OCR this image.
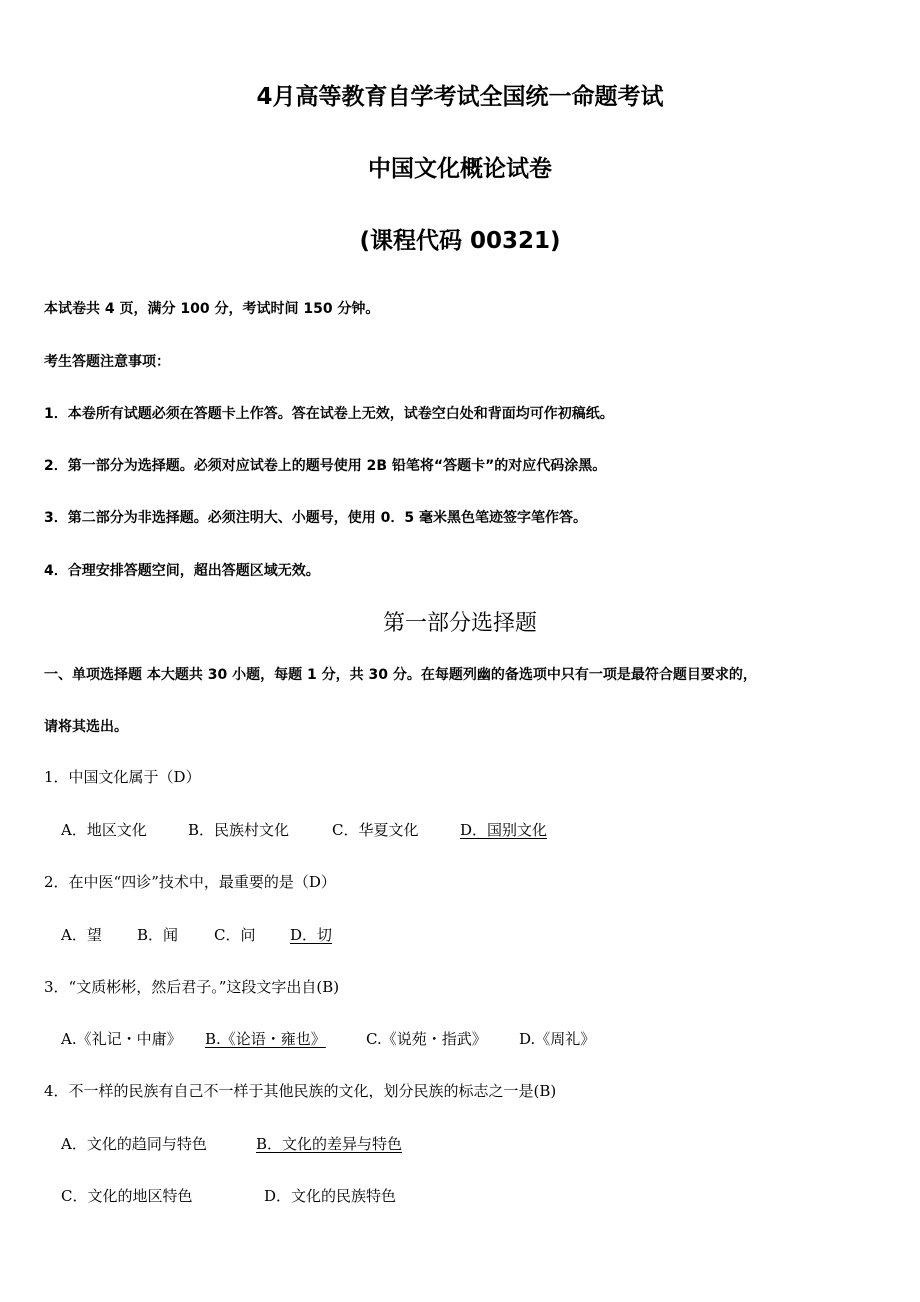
4月高等教育自学考试全国统一命题考试
中国文化概论试卷
(课程代码 00321)
本试卷共 4 页，满分 100 分，考试时间 150 分钟。
考生答题注意事项：
1．本卷所有试题必须在答题卡上作答。答在试卷上无效，试卷空白处和背面均可作初稿纸。
2．第一部分为选择题。必须对应试卷上的题号使用 2B 铅笔将“答题卡”的对应代码涂黑。
3．第二部分为非选择题。必须注明大、小题号，使用 0．5 毫米黑色笔迹签字笔作答。
4．合理安排答题空间，超出答题区域无效。
第一部分选择题
一、单项选择题 本大题共 30 小题，每题 1 分，共 30 分。在每题列幽的备选项中只有一项是最符合题目要求的，
请将其选出。
1．中国文化属于（D）
A．地区文化	B．民族村文化	C．华夏文化	D．国别文化
2．在中医“四诊”技术中，最重要的是（D）
A．望 B．闻 C．问 D．切
3．“文质彬彬，然后君子。”这段文字出自(B)
A.《礼记・中庸》 B.《论语・雍也》	C.《说苑・指武》 D.《周礼》
4．不一样的民族有自己不一样于其他民族的文化，划分民族的标志之一是(B)
A．文化的趋同与特色	B．文化的差异与特色
C．文化的地区特色	D．文化的民族特色
